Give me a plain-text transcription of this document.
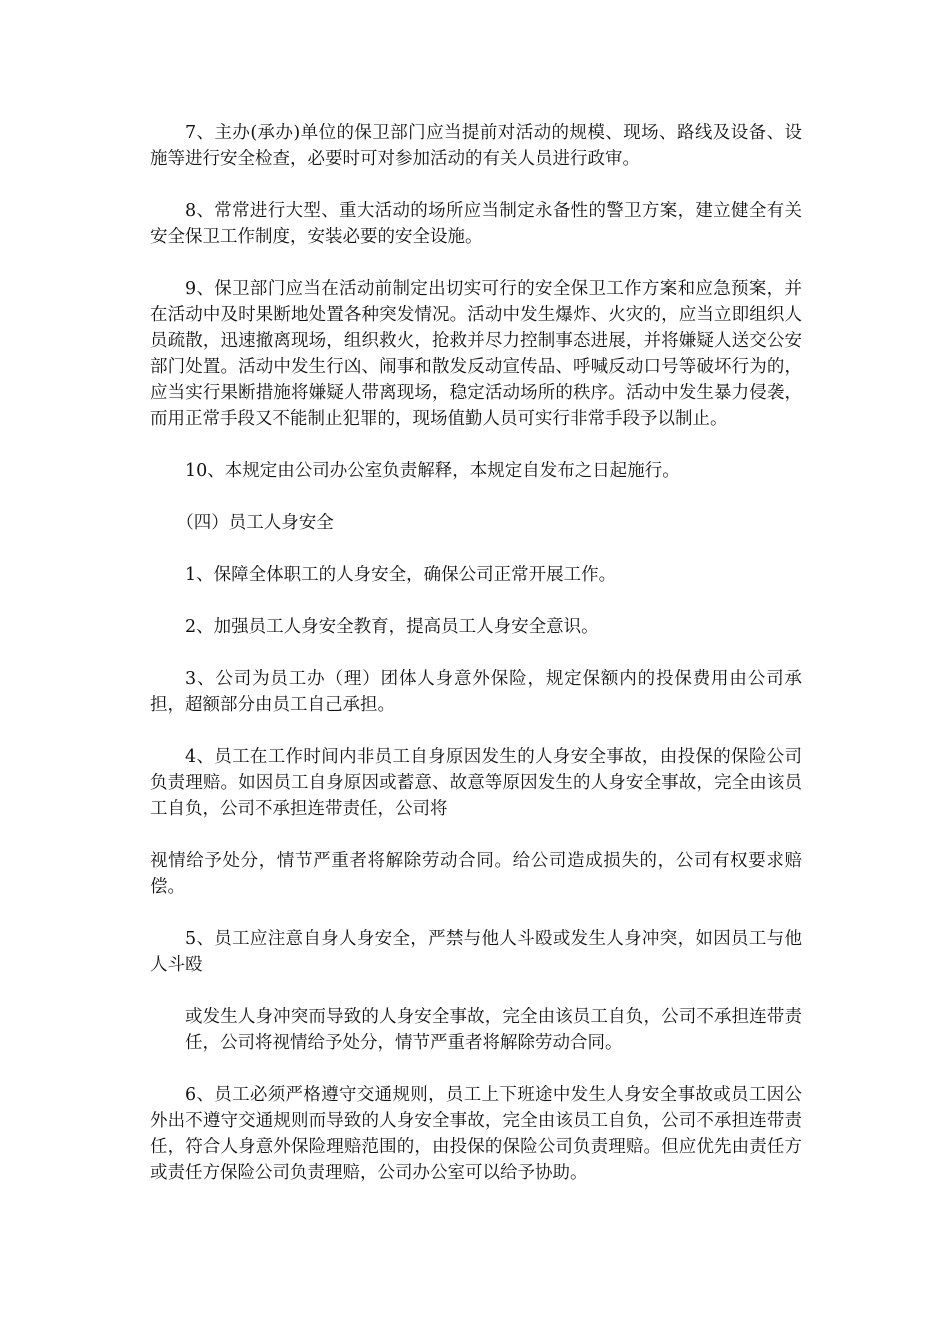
7、主办(承办)单位的保卫部门应当提前对活动的规模、现场、路线及设备、设施等进行安全检查，必要时可对参加活动的有关人员进行政审。

8、常常进行大型、重大活动的场所应当制定永备性的警卫方案，建立健全有关安全保卫工作制度，安装必要的安全设施。

9、保卫部门应当在活动前制定出切实可行的安全保卫工作方案和应急预案，并在活动中及时果断地处置各种突发情况。活动中发生爆炸、火灾的，应当立即组织人员疏散，迅速撤离现场，组织救火，抢救并尽力控制事态进展，并将嫌疑人送交公安部门处置。活动中发生行凶、闹事和散发反动宣传品、呼喊反动口号等破坏行为的，应当实行果断措施将嫌疑人带离现场，稳定活动场所的秩序。活动中发生暴力侵袭，而用正常手段又不能制止犯罪的，现场值勤人员可实行非常手段予以制止。

10、本规定由公司办公室负责解释，本规定自发布之日起施行。

（四）员工人身安全

1、保障全体职工的人身安全，确保公司正常开展工作。

2、加强员工人身安全教育，提高员工人身安全意识。

3、公司为员工办（理）团体人身意外保险，规定保额内的投保费用由公司承担，超额部分由员工自己承担。

4、员工在工作时间内非员工自身原因发生的人身安全事故，由投保的保险公司负责理赔。如因员工自身原因或蓄意、故意等原因发生的人身安全事故，完全由该员工自负，公司不承担连带责任，公司将

视情给予处分，情节严重者将解除劳动合同。给公司造成损失的，公司有权要求赔偿。

5、员工应注意自身人身安全，严禁与他人斗殴或发生人身冲突，如因员工与他人斗殴

或发生人身冲突而导致的人身安全事故，完全由该员工自负，公司不承担连带责任，公司将视情给予处分，情节严重者将解除劳动合同。

6、员工必须严格遵守交通规则，员工上下班途中发生人身安全事故或员工因公外出不遵守交通规则而导致的人身安全事故，完全由该员工自负，公司不承担连带责任，符合人身意外保险理赔范围的，由投保的保险公司负责理赔。但应优先由责任方或责任方保险公司负责理赔，公司办公室可以给予协助。
